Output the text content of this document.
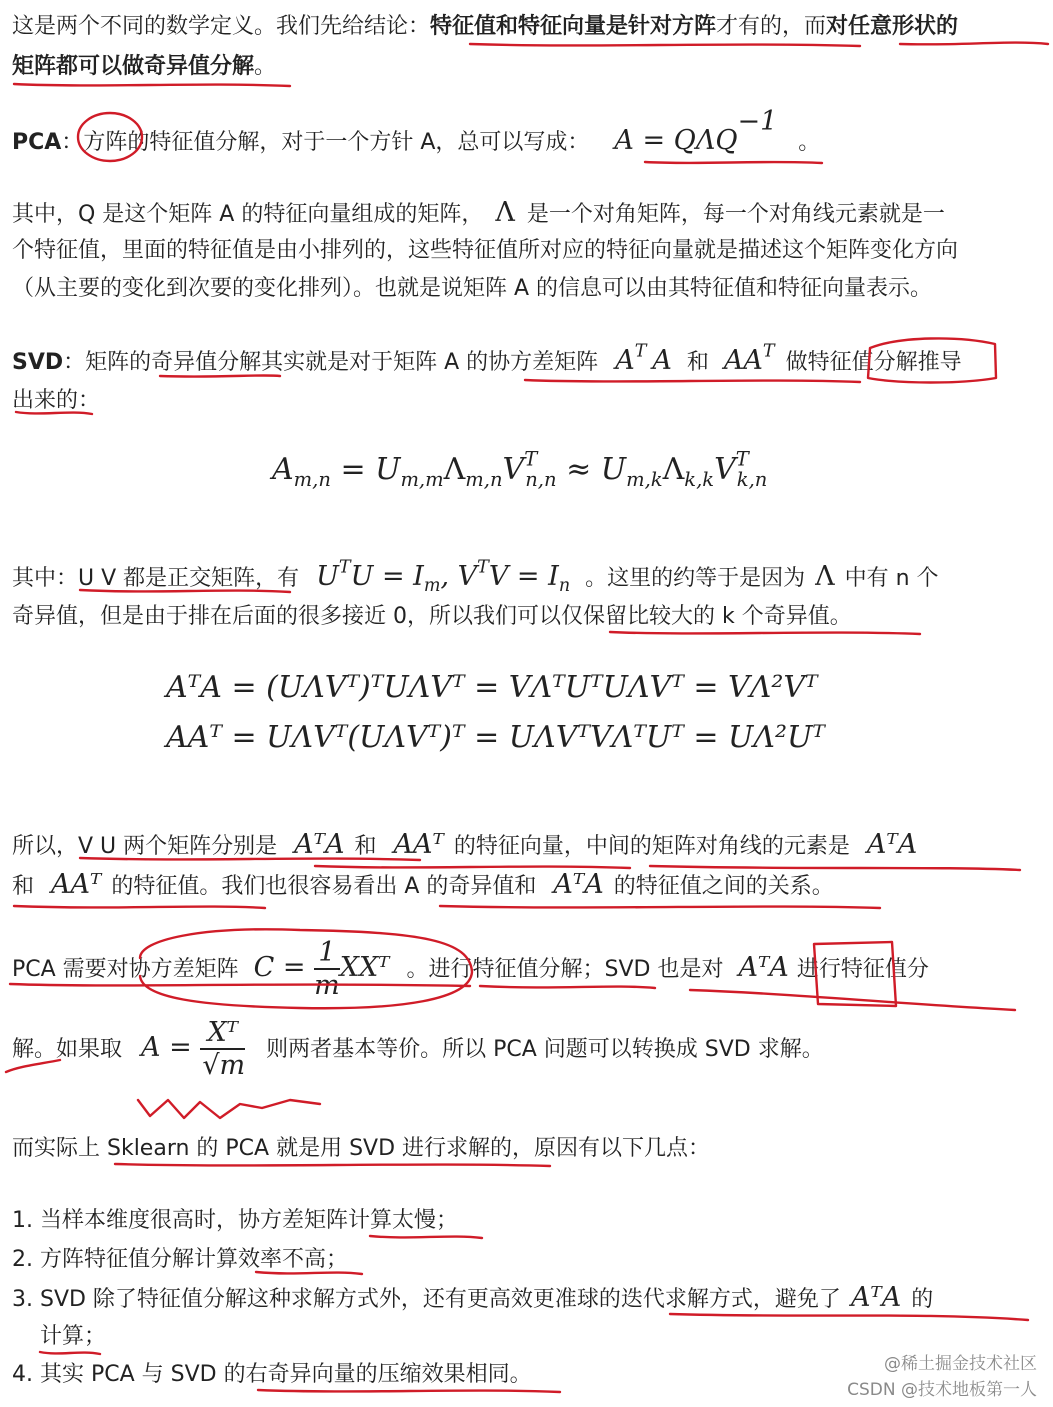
这是两个不同的数学定义。我们先给结论：特征值和特征向量是针对方阵才有的，而对任意形状的
矩阵都可以做奇异值分解。
PCA：方阵的特征值分解，对于一个方针 A，总可以写成： $A = Q\Lambda Q^{-1}$ 。
其中，Q 是这个矩阵 A 的特征向量组成的矩阵， Λ 是一个对角矩阵，每一个对角线元素就是一
个特征值，里面的特征值是由小排列的，这些特征值所对应的特征向量就是描述这个矩阵变化方向
（从主要的变化到次要的变化排列）。也就是说矩阵 A 的信息可以由其特征值和特征向量表示。
SVD：矩阵的奇异值分解其实就是对于矩阵 A 的协方差矩阵 $A^T$ A 和 $AA^T$ 做特征值分解推导
出来的：
$A_{m,n} = U_{m,m}\Lambda_{m,n}V^T_{n,n} \approx U_{m,k}\Lambda_{k,k}V^T_{k,n}$
其中：U V 都是正交矩阵，有 $U^TU = I_m$, $V^TV = I_n$ 。这里的约等于是因为 Λ 中有 n 个
奇异值，但是由于排在后面的很多接近 0，所以我们可以仅保留比较大的 k 个奇异值。
AᵀA = (UΛVᵀ)ᵀUΛVᵀ = VΛᵀUᵀUΛVᵀ = VΛ²Vᵀ
AAᵀ = UΛVᵀ(UΛVᵀ)ᵀ = UΛVᵀVΛᵀUᵀ = UΛ²Uᵀ
所以，V U 两个矩阵分别是 AᵀA 和 AAᵀ 的特征向量，中间的矩阵对角线的元素是 AᵀA
和 AAᵀ 的特征值。我们也很容易看出 A 的奇异值和 AᵀA 的特征值之间的关系。
PCA 需要对协方差矩阵 $C = \frac{1}{m}$ XXᵀ 。进行特征值分解；SVD 也是对 AᵀA 进行特征值分
解。如果取 $A = \frac{\text{Xᵀ}}{√m}$ 则两者基本等价。所以 PCA 问题可以转换成 SVD 求解。
而实际上 Sklearn 的 PCA 就是用 SVD 进行求解的，原因有以下几点：
1. 当样本维度很高时，协方差矩阵计算太慢；
2. 方阵特征值分解计算效率不高；
3. SVD 除了特征值分解这种求解方式外，还有更高效更准球的迭代求解方式，避免了 AᵀA 的
计算；
4. 其实 PCA 与 SVD 的右奇异向量的压缩效果相同。	@稀土掘金技术社区
CSDN @技术地板第一人
